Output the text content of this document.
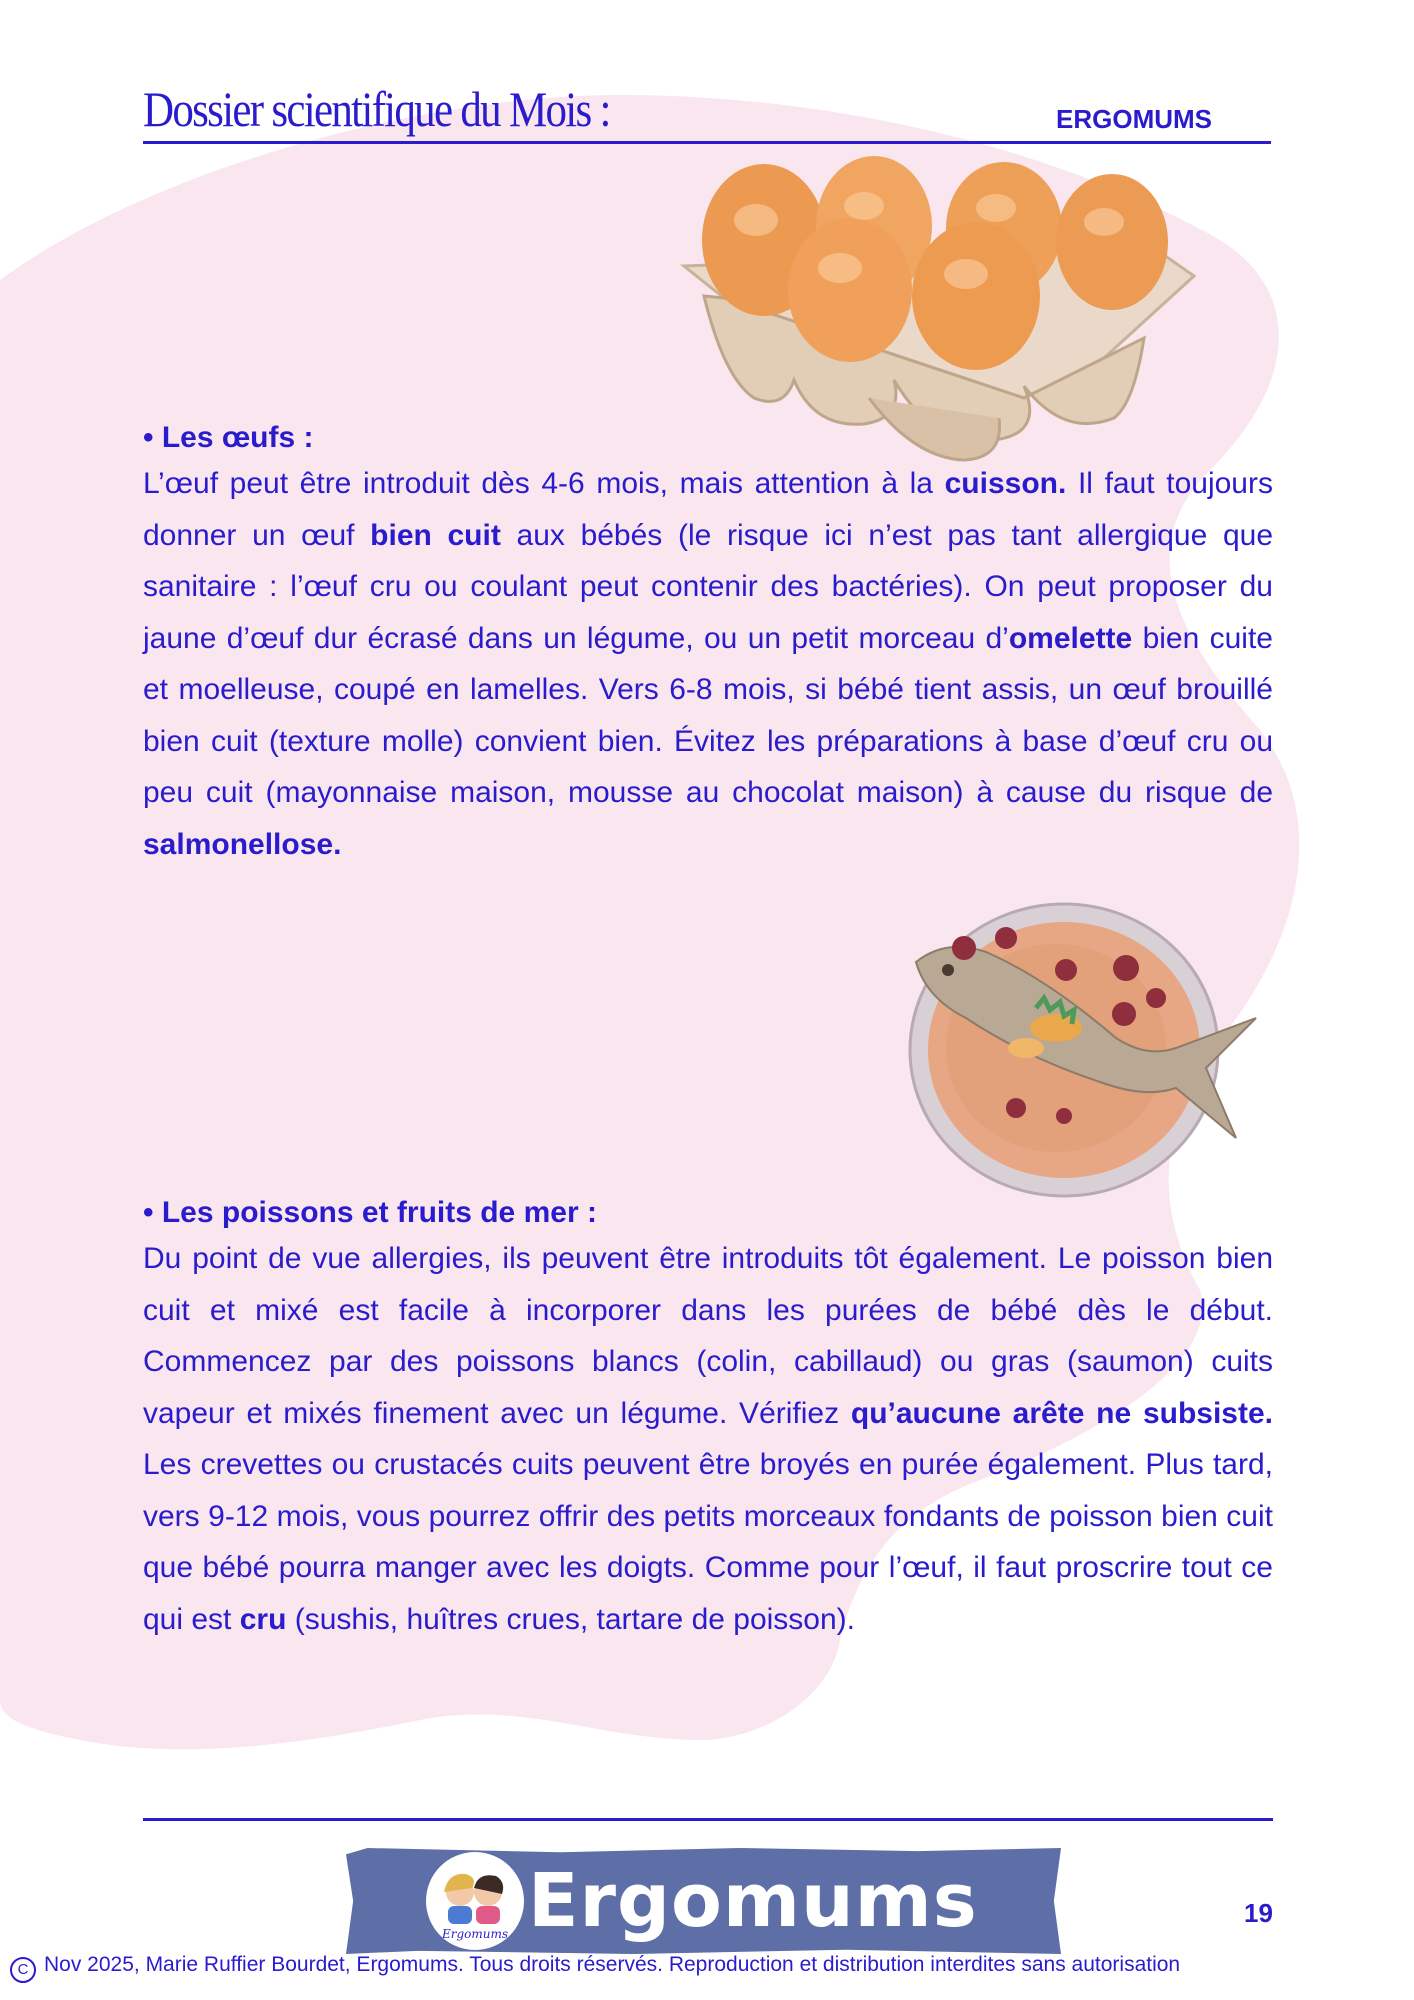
Dossier scientifique du Mois :	ERGOMUMS
• Les œufs :

L’œuf peut être introduit dès 4-6 mois, mais attention à la cuisson. Il faut toujours donner un œuf bien cuit aux bébés (le risque ici n’est pas tant allergique que sanitaire : l’œuf cru ou coulant peut contenir des bactéries). On peut proposer du jaune d’œuf dur écrasé dans un légume, ou un petit morceau d’omelette bien cuite et moelleuse, coupé en lamelles. Vers 6-8 mois, si bébé tient assis, un œuf brouillé bien cuit (texture molle) convient bien. Évitez les préparations à base d’œuf cru ou peu cuit (mayonnaise maison, mousse au chocolat maison) à cause du risque de salmonellose.

• Les poissons et fruits de mer :

Du point de vue allergies, ils peuvent être introduits tôt également. Le poisson bien cuit et mixé est facile à incorporer dans les purées de bébé dès le début. Commencez par des poissons blancs (colin, cabillaud) ou gras (saumon) cuits vapeur et mixés finement avec un légume. Vérifiez qu’aucune arête ne subsiste. Les crevettes ou crustacés cuits peuvent être broyés en purée également. Plus tard, vers 9-12 mois, vous pourrez offrir des petits morceaux fondants de poisson bien cuit que bébé pourra manger avec les doigts. Comme pour l’œuf, il faut proscrire tout ce qui est cru (sushis, huîtres crues, tartare de poisson).

Ergomums Ergomums	19
C Nov 2025, Marie Ruffier Bourdet, Ergomums. Tous droits réservés. Reproduction et distribution interdites sans autorisation
